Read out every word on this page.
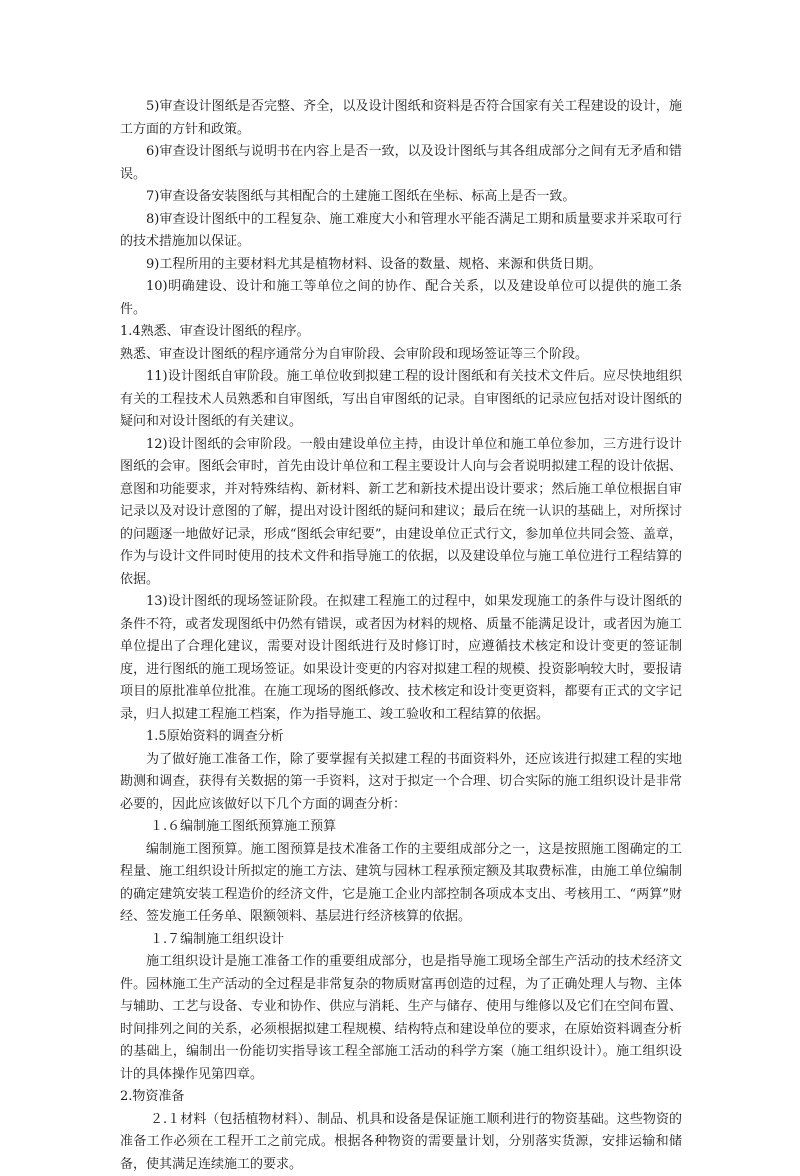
5)审查设计图纸是否完整、齐全，以及设计图纸和资料是否符合国家有关工程建设的设计，施工方面的方针和政策。

6)审查设计图纸与说明书在内容上是否一致，以及设计图纸与其各组成部分之间有无矛盾和错误。

7)审查设备安装图纸与其相配合的土建施工图纸在坐标、标高上是否一致。

8)审查设计图纸中的工程复杂、施工难度大小和管理水平能否满足工期和质量要求并采取可行的技术措施加以保证。

9)工程所用的主要材料尤其是植物材料、设备的数量、规格、来源和供货日期。

10)明确建设、设计和施工等单位之间的协作、配合关系，以及建设单位可以提供的施工条件。

1.4熟悉、审查设计图纸的程序。

熟悉、审查设计图纸的程序通常分为自审阶段、会审阶段和现场签证等三个阶段。

11)设计图纸自审阶段。施工单位收到拟建工程的设计图纸和有关技术文件后。应尽快地组织有关的工程技术人员熟悉和自审图纸，写出自审图纸的记录。自审图纸的记录应包括对设计图纸的疑问和对设计图纸的有关建议。

12)设计图纸的会审阶段。一般由建设单位主持，由设计单位和施工单位参加，三方进行设计图纸的会审。图纸会审时，首先由设计单位和工程主要设计人向与会者说明拟建工程的设计依据、意图和功能要求，并对特殊结构、新材料、新工艺和新技术提出设计要求；然后施工单位根据自审记录以及对设计意图的了解，提出对设计图纸的疑问和建议；最后在统一认识的基础上，对所探讨的问题逐一地做好记录，形成“图纸会审纪要”，由建设单位正式行文，参加单位共同会签、盖章，作为与设计文件同时使用的技术文件和指导施工的依据，以及建设单位与施工单位进行工程结算的依据。

13)设计图纸的现场签证阶段。在拟建工程施工的过程中，如果发现施工的条件与设计图纸的条件不符，或者发现图纸中仍然有错误，或者因为材料的规格、质量不能满足设计，或者因为施工单位提出了合理化建议，需要对设计图纸进行及时修订时，应遵循技术核定和设计变更的签证制度，进行图纸的施工现场签证。如果设计变更的内容对拟建工程的规模、投资影响较大时，要报请项目的原批准单位批准。在施工现场的图纸修改、技术核定和设计变更资料，都要有正式的文字记录，归人拟建工程施工档案，作为指导施工、竣工验收和工程结算的依据。

1.5原始资料的调查分析

为了做好施工准备工作，除了要掌握有关拟建工程的书面资料外，还应该进行拟建工程的实地勘测和调查，获得有关数据的第一手资料，这对于拟定一个合理、切合实际的施工组织设计是非常必要的，因此应该做好以下几个方面的调查分析：

１.６编制施工图纸预算施工预算

编制施工图预算。施工图预算是技术准备工作的主要组成部分之一，这是按照施工图确定的工程量、施工组织设计所拟定的施工方法、建筑与园林工程承预定额及其取费标准，由施工单位编制的确定建筑安装工程造价的经济文件，它是施工企业内部控制各项成本支出、考核用工、“两算”财经、签发施工任务单、限额领料、基层进行经济核算的依据。

１.７编制施工组织设计

施工组织设计是施工准备工作的重要组成部分，也是指导施工现场全部生产活动的技术经济文件。园林施工生产活动的全过程是非常复杂的物质财富再创造的过程，为了正确处理人与物、主体与辅助、工艺与设备、专业和协作、供应与消耗、生产与储存、使用与维修以及它们在空间布置、时间排列之间的关系，必须根据拟建工程规模、结构特点和建设单位的要求，在原始资料调查分析的基础上，编制出一份能切实指导该工程全部施工活动的科学方案（施工组织设计）。施工组织设计的具体操作见第四章。

2.物资准备

２.１材料（包括植物材料）、制品、机具和设备是保证施工顺利进行的物资基础。这些物资的准备工作必须在工程开工之前完成。根据各种物资的需要量计划，分别落实货源，安排运输和储备，使其满足连续施工的要求。
